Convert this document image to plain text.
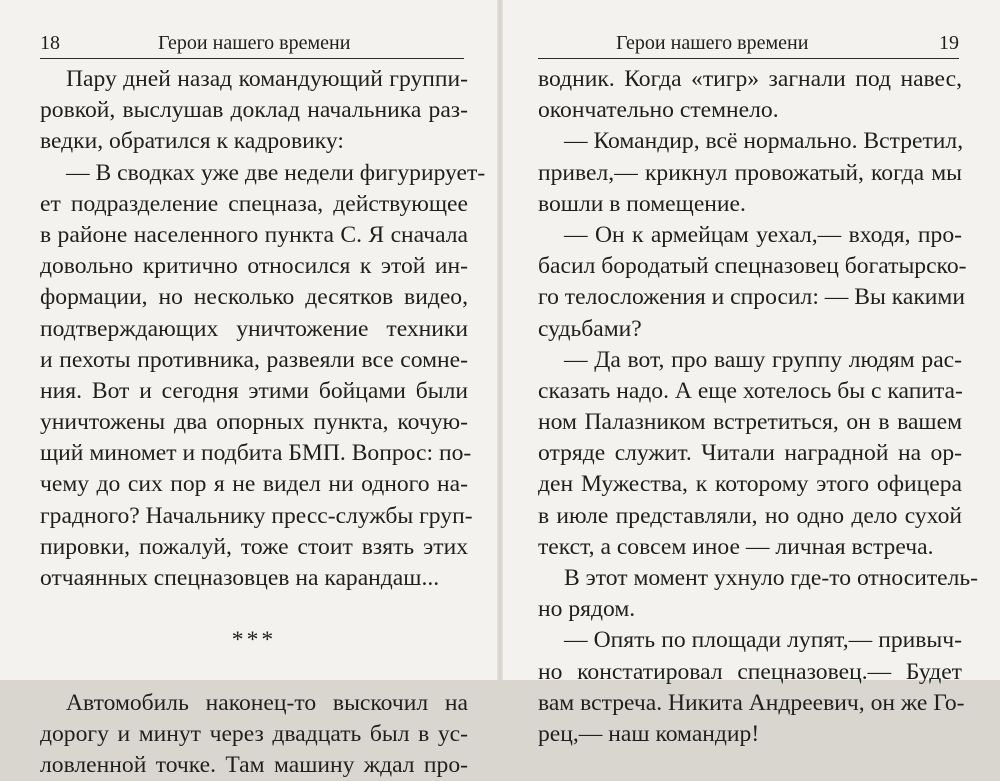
18	Герои нашего времени
Пару дней назад командующий группи-
ровкой, выслушав доклад начальника раз-
ведки, обратился к кадровику:
— В сводках уже две недели фигурирует-
ет подразделение спецназа, действующее
в районе населенного пункта С. Я сначала
довольно критично относился к этой ин-
формации, но несколько десятков видео,
подтверждающих уничтожение техники
и пехоты противника, развеяли все сомне-
ния. Вот и сегодня этими бойцами были
уничтожены два опорных пункта, кочую-
щий миномет и подбита БМП. Вопрос: по-
чему до сих пор я не видел ни одного на-
градного? Начальнику пресс-службы груп-
пировки, пожалуй, тоже стоит взять этих
отчаянных спецназовцев на карандаш...
***
Автомобиль наконец-то выскочил на
дорогу и минут через двадцать был в ус-
ловленной точке. Там машину ждал про-
Герои нашего времени	19
водник. Когда «тигр» загнали под навес,
окончательно стемнело.
— Командир, всё нормально. Встретил,
привел,— крикнул провожатый, когда мы
вошли в помещение.
— Он к армейцам уехал,— входя, про-
басил бородатый спецназовец богатырско-
го телосложения и спросил: — Вы какими
судьбами?
— Да вот, про вашу группу людям рас-
сказать надо. А еще хотелось бы с капита-
ном Палазником встретиться, он в вашем
отряде служит. Читали наградной на ор-
ден Мужества, к которому этого офицера
в июле представляли, но одно дело сухой
текст, а совсем иное — личная встреча.
В этот момент ухнуло где-то относитель-
но рядом.
— Опять по площади лупят,— привыч-
но констатировал спецназовец.— Будет
вам встреча. Никита Андреевич, он же Го-
рец,— наш командир!
